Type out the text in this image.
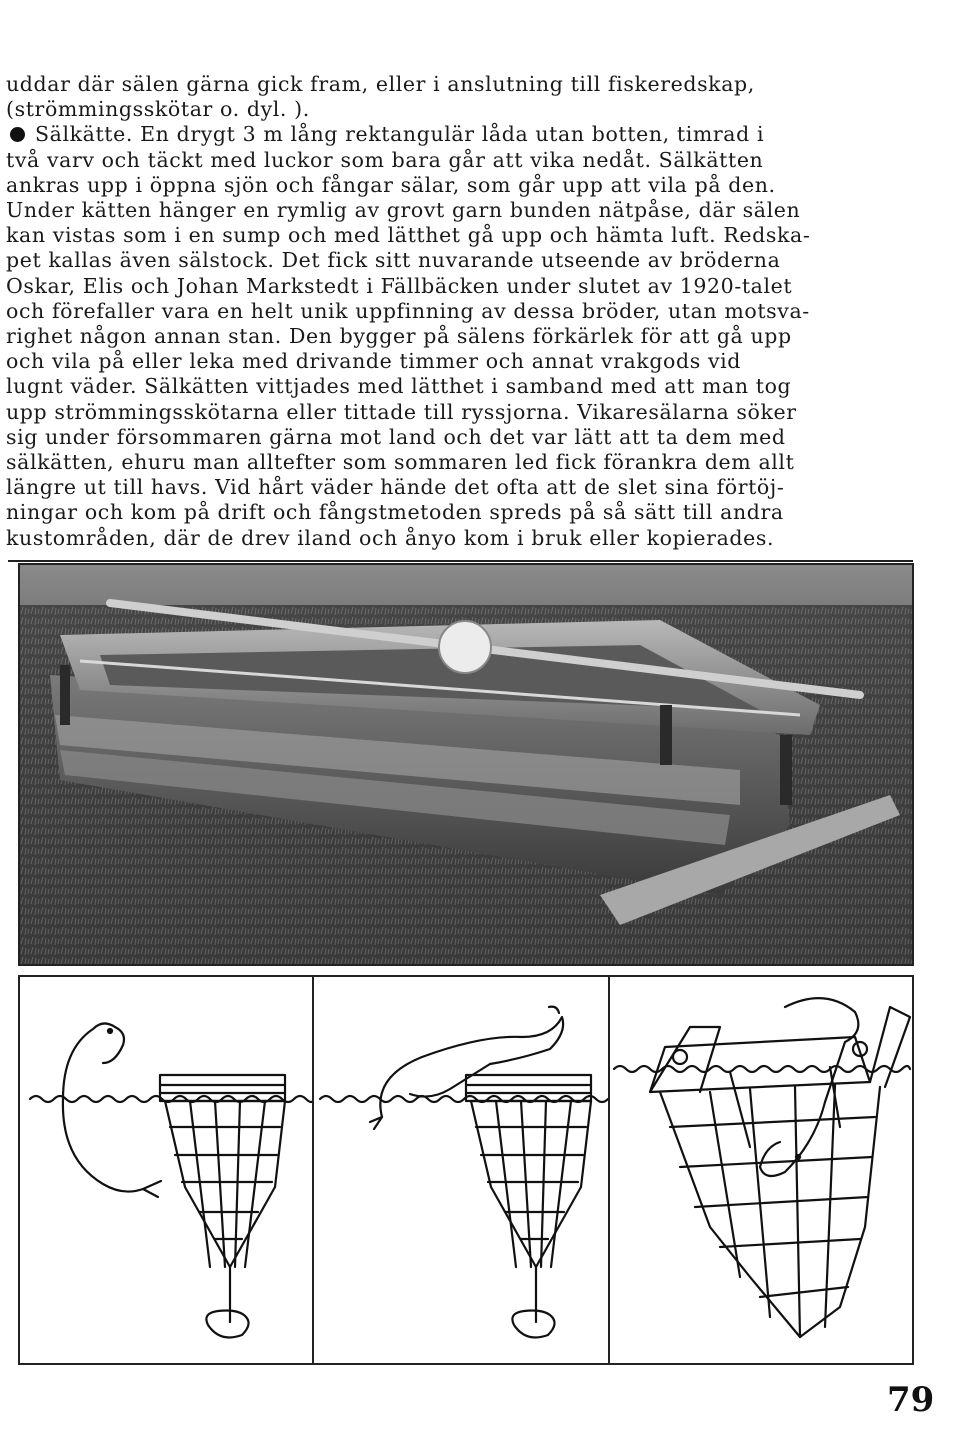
uddar där sälen gärna gick fram, eller i anslutning till fiskeredskap,
(strömmingsskötar o. dyl. ).
Sälkätte. En drygt 3 m lång rektangulär låda utan botten, timrad i
två varv och täckt med luckor som bara går att vika nedåt. Sälkätten
ankras upp i öppna sjön och fångar sälar, som går upp att vila på den.
Under kätten hänger en rymlig av grovt garn bunden nätpåse, där sälen
kan vistas som i en sump och med lätthet gå upp och hämta luft. Redska-
pet kallas även sälstock. Det fick sitt nuvarande utseende av bröderna
Oskar, Elis och Johan Markstedt i Fällbäcken under slutet av 1920-talet
och förefaller vara en helt unik uppfinning av dessa bröder, utan motsva-
righet någon annan stan. Den bygger på sälens förkärlek för att gå upp
och vila på eller leka med drivande timmer och annat vrakgods vid
lugnt väder. Sälkätten vittjades med lätthet i samband med att man tog
upp strömmingsskötarna eller tittade till ryssjorna. Vikaresälarna söker
sig under försommaren gärna mot land och det var lätt att ta dem med
sälkätten, ehuru man alltefter som sommaren led fick förankra dem allt
längre ut till havs. Vid hårt väder hände det ofta att de slet sina förtöj-
ningar och kom på drift och fångstmetoden spreds på så sätt till andra
kustområden, där de drev iland och ånyo kom i bruk eller kopierades.
79
